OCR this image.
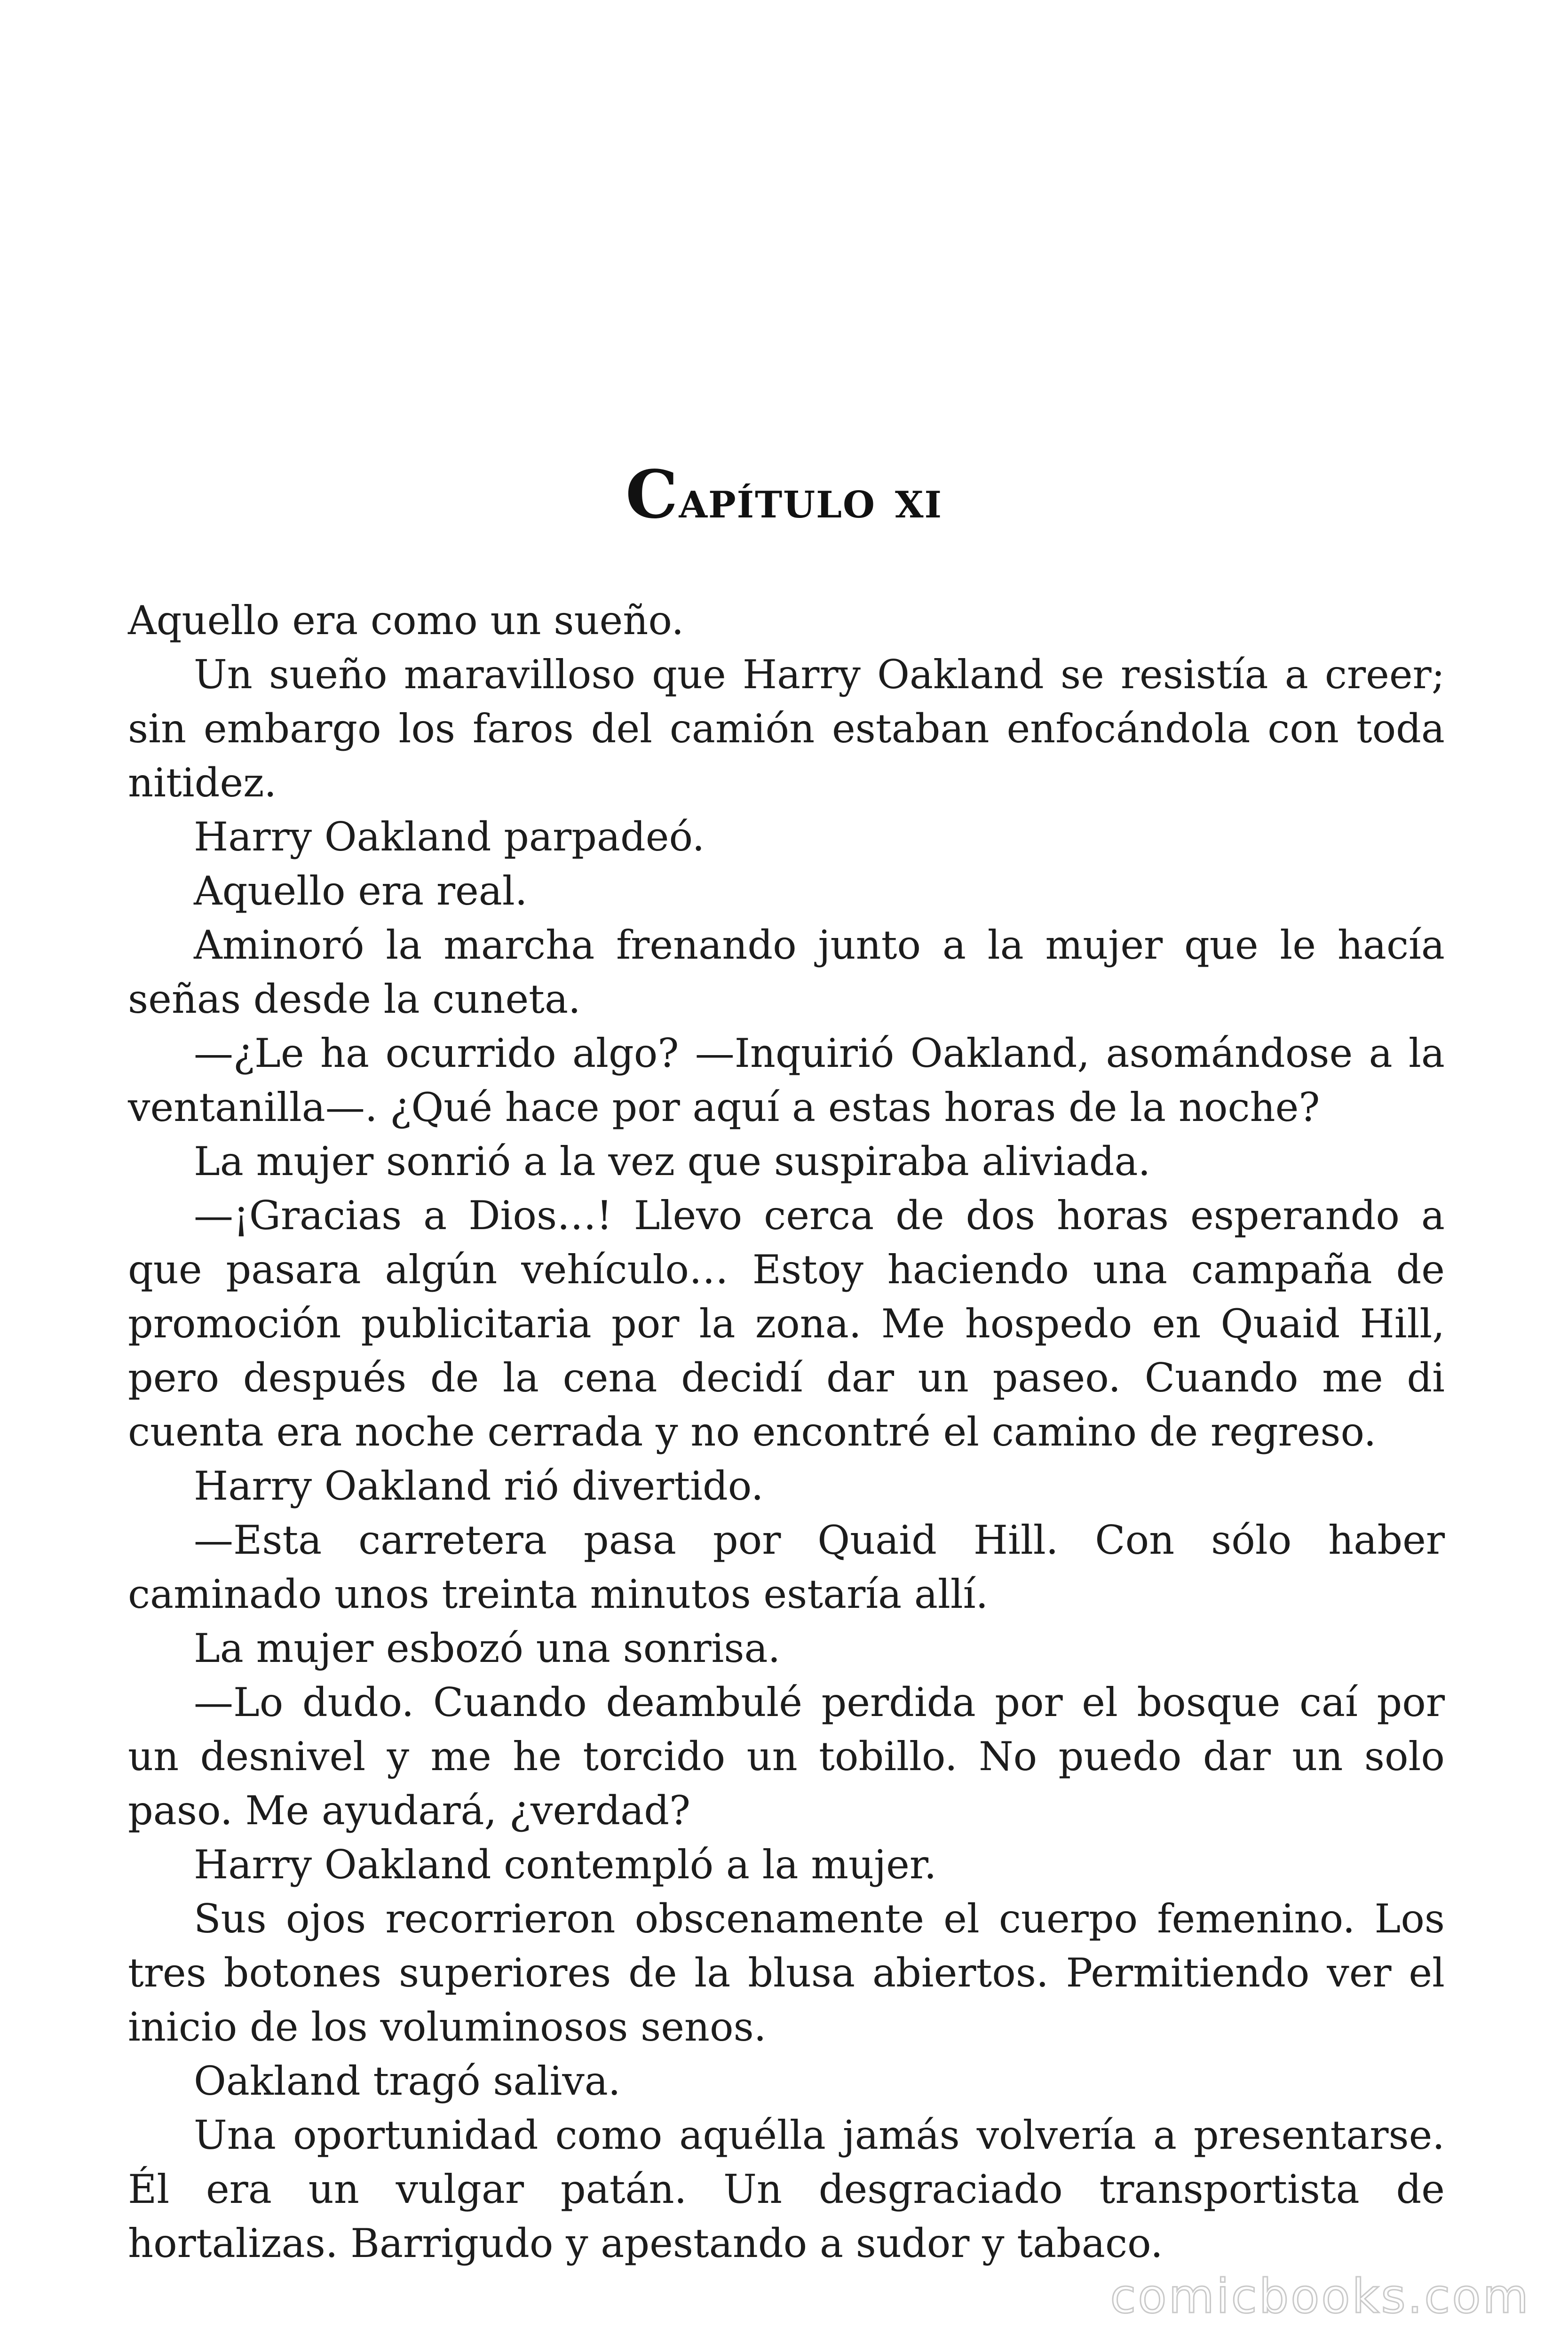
Capítulo xi

Aquello era como un sueño.

Un sueño maravilloso que Harry Oakland se resistía a creer; sin embargo los faros del camión estaban enfocándola con toda nitidez.

Harry Oakland parpadeó.

Aquello era real.

Aminoró la marcha frenando junto a la mujer que le hacía señas desde la cuneta.

—¿Le ha ocurrido algo? —Inquirió Oakland, asomándose a la ventanilla—. ¿Qué hace por aquí a estas horas de la noche?

La mujer sonrió a la vez que suspiraba aliviada.

—¡Gracias a Dios…! Llevo cerca de dos horas esperando a que pasara algún vehículo… Estoy haciendo una campaña de promoción publicitaria por la zona. Me hospedo en Quaid Hill, pero después de la cena decidí dar un paseo. Cuando me di cuenta era noche cerrada y no encontré el camino de regreso.

Harry Oakland rió divertido.

—Esta carretera pasa por Quaid Hill. Con sólo haber caminado unos treinta minutos estaría allí.

La mujer esbozó una sonrisa.

—Lo dudo. Cuando deambulé perdida por el bosque caí por un desnivel y me he torcido un tobillo. No puedo dar un solo paso. Me ayudará, ¿verdad?

Harry Oakland contempló a la mujer.

Sus ojos recorrieron obscenamente el cuerpo femenino. Los tres botones superiores de la blusa abiertos. Permitiendo ver el inicio de los voluminosos senos.

Oakland tragó saliva.

Una oportunidad como aquélla jamás volvería a presentarse. Él era un vulgar patán. Un desgraciado transportista de hortalizas. Barrigudo y apestando a sudor y tabaco.

comicbooks.com
